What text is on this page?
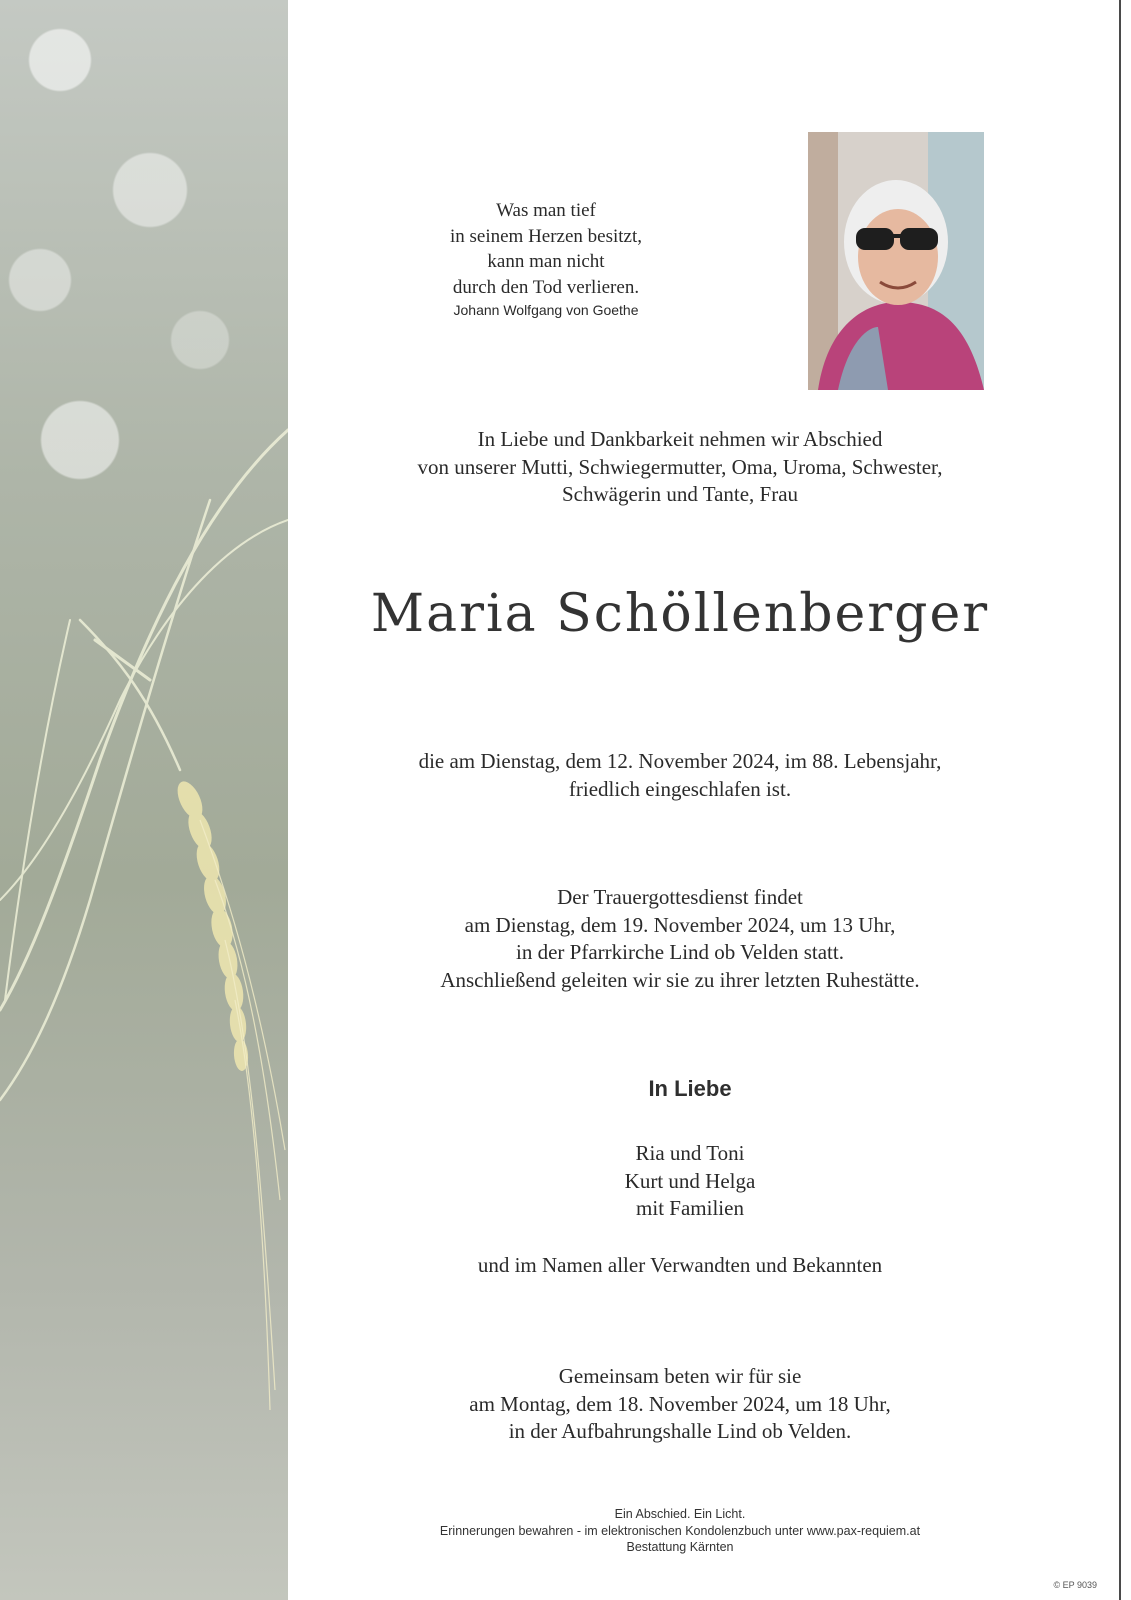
Was man tief
in seinem Herzen besitzt,
kann man nicht
durch den Tod verlieren.
Johann Wolfgang von Goethe
In Liebe und Dankbarkeit nehmen wir Abschied
von unserer Mutti, Schwiegermutter, Oma, Uroma, Schwester,
Schwägerin und Tante, Frau
Maria Schöllenberger
die am Dienstag, dem 12. November 2024, im 88. Lebensjahr,
friedlich eingeschlafen ist.
Der Trauergottesdienst findet
am Dienstag, dem 19. November 2024, um 13 Uhr,
in der Pfarrkirche Lind ob Velden statt.
Anschließend geleiten wir sie zu ihrer letzten Ruhestätte.
In Liebe
Ria und Toni
Kurt und Helga
mit Familien
und im Namen aller Verwandten und Bekannten
Gemeinsam beten wir für sie
am Montag, dem 18. November 2024, um 18 Uhr,
in der Aufbahrungshalle Lind ob Velden.
Ein Abschied. Ein Licht.
Erinnerungen bewahren - im elektronischen Kondolenzbuch unter www.pax-requiem.at
Bestattung Kärnten
© EP 9039
